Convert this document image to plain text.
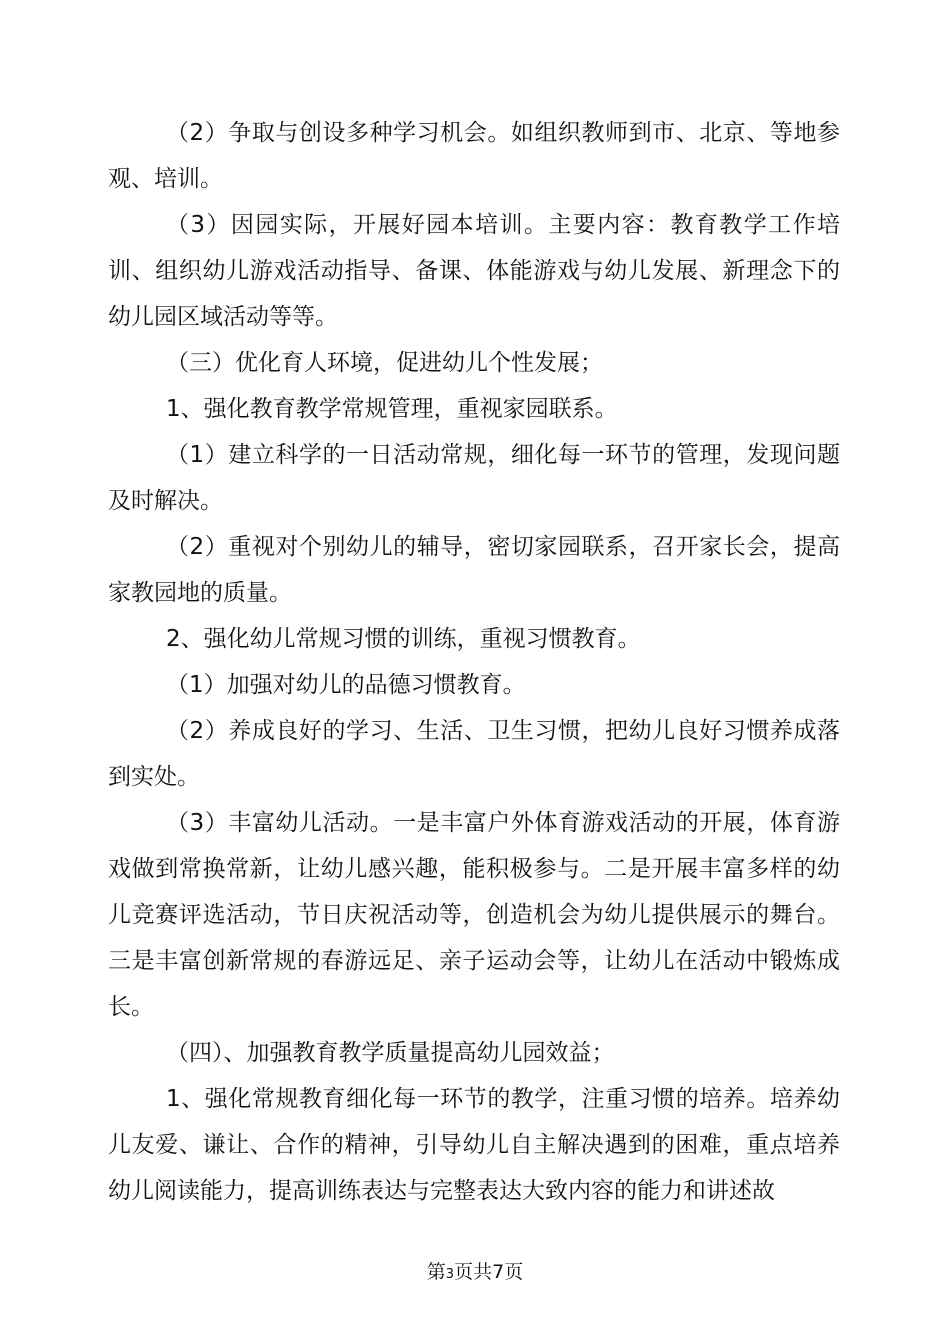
（2）争取与创设多种学习机会。如组织教师到市、北京、等地参观、培训。

（3）因园实际，开展好园本培训。主要内容：教育教学工作培训、组织幼儿游戏活动指导、备课、体能游戏与幼儿发展、新理念下的幼儿园区域活动等等。

（三）优化育人环境，促进幼儿个性发展；

1、强化教育教学常规管理，重视家园联系。

（1）建立科学的一日活动常规，细化每一环节的管理，发现问题及时解决。

（2）重视对个别幼儿的辅导，密切家园联系，召开家长会，提高家教园地的质量。

2、强化幼儿常规习惯的训练，重视习惯教育。

（1）加强对幼儿的品德习惯教育。

（2）养成良好的学习、生活、卫生习惯，把幼儿良好习惯养成落到实处。

（3）丰富幼儿活动。一是丰富户外体育游戏活动的开展，体育游戏做到常换常新，让幼儿感兴趣，能积极参与。二是开展丰富多样的幼儿竞赛评选活动，节日庆祝活动等，创造机会为幼儿提供展示的舞台。三是丰富创新常规的春游远足、亲子运动会等，让幼儿在活动中锻炼成长。

（四）、加强教育教学质量提高幼儿园效益；

1、强化常规教育细化每一环节的教学，注重习惯的培养。培养幼儿友爱、谦让、合作的精神，引导幼儿自主解决遇到的困难，重点培养幼儿阅读能力，提高训练表达与完整表达大致内容的能力和讲述故

第3页共7页
